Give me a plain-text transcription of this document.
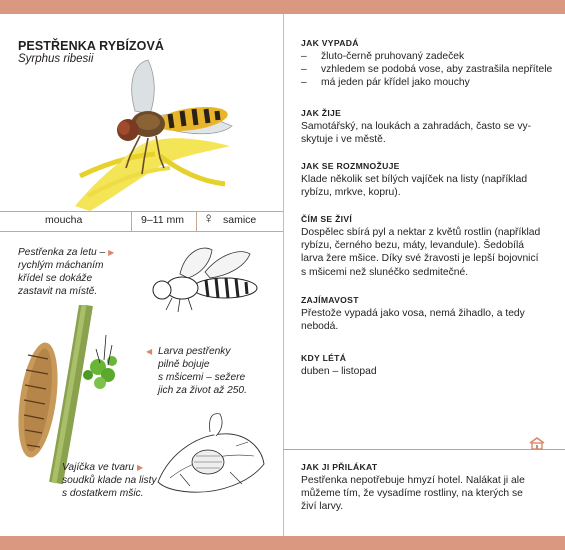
PESTŘENKA RYBÍZOVÁ
Syrphus ribesii
moucha	9–11 mm ♀ samice
Pestřenka za letu – ▶
rychlým máchaním
křídel se dokáže
zastavit na místě.
◀ Larva pestřenky
pilně bojuje
s mšicemi – sežere
jich za život až 250.
Vajíčka ve tvaru ▶
soudků klade na listy
s dostatkem mšic.
JAK VYPADÁ
– žluto-černě pruhovaný zadeček
– vzhledem se podobá vose, aby zastrašila nepřítele
– má jeden pár křídel jako mouchy
JAK ŽIJE

Samotářský, na loukách a zahradách, často se vy-
skytuje i ve městě.

JAK SE ROZMNOŽUJE

Klade několik set bílých vajíček na listy (například
rybízu, mrkve, kopru).

ČÍM SE ŽIVÍ

Dospělec sbírá pyl a nektar z květů rostlin (například
rybízu, černého bezu, máty, levandule). Šedobílá
larva žere mšice. Díky své žravosti je lepší bojovnicí
s mšicemi než slunéčko sedmitečné.

ZAJÍMAVOST

Přestože vypadá jako vosa, nemá žihadlo, a tedy
nebodá.

KDY LÉTÁ

duben – listopad

JAK JI PŘILÁKAT

Pestřenka nepotřebuje hmyzí hotel. Nalákat ji ale
můžeme tím, že vysadíme rostliny, na kterých se
živí larvy.
